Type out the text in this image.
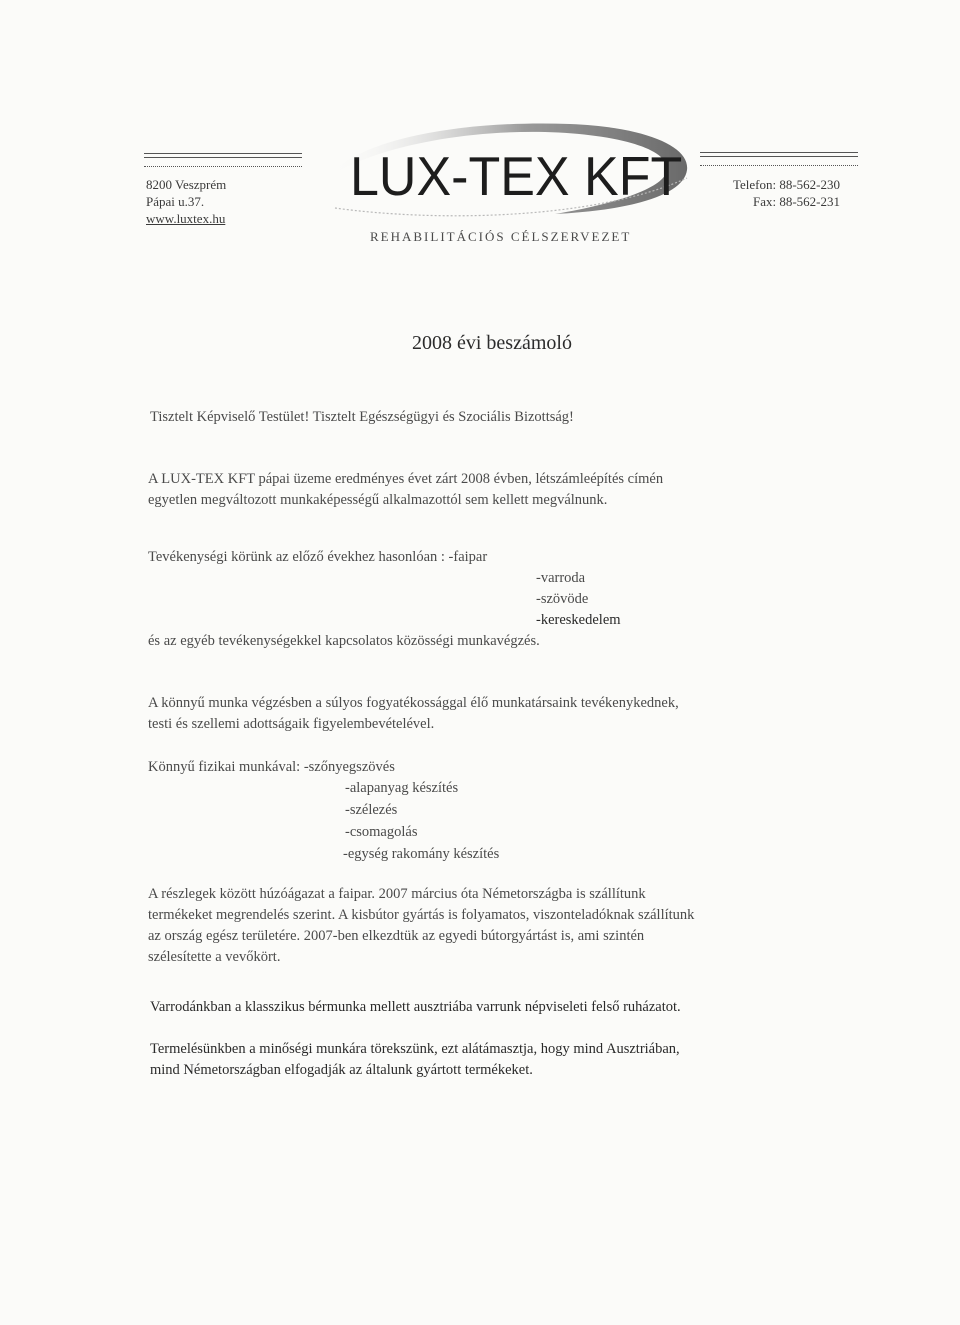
8200 Veszprém
Pápai u.37.
www.luxtex.hu
LUX-TEX KFT
REHABILITÁCIÓS CÉLSZERVEZET
Telefon: 88-562-230
Fax: 88-562-231
2008 évi beszámoló
Tisztelt Képviselő Testület! Tisztelt Egészségügyi és Szociális Bizottság!
A LUX-TEX KFT pápai üzeme eredményes évet zárt 2008 évben, létszámleépítés címén
egyetlen megváltozott munkaképességű alkalmazottól sem kellett megválnunk.
Tevékenységi körünk az előző évekhez hasonlóan : -faipar
-varroda
-szövöde
-kereskedelem
és az egyéb tevékenységekkel kapcsolatos közösségi munkavégzés.
A könnyű munka végzésben a súlyos fogyatékossággal élő munkatársaink tevékenykednek,
testi és szellemi adottságaik figyelembevételével.
Könnyű fizikai munkával: -szőnyegszövés
-alapanyag készítés
-szélezés
-csomagolás
-egység rakomány készítés
A részlegek között húzóágazat a faipar. 2007 március óta Németországba is szállítunk
termékeket megrendelés szerint. A kisbútor gyártás is folyamatos, viszonteladóknak szállítunk
az ország egész területére. 2007-ben elkezdtük az egyedi bútorgyártást is, ami szintén
szélesítette a vevőkört.
Varrodánkban a klasszikus bérmunka mellett ausztriába varrunk népviseleti felső ruházatot.
Termelésünkben a minőségi munkára törekszünk, ezt alátámasztja, hogy mind Ausztriában,
mind Németországban elfogadják az általunk gyártott termékeket.
